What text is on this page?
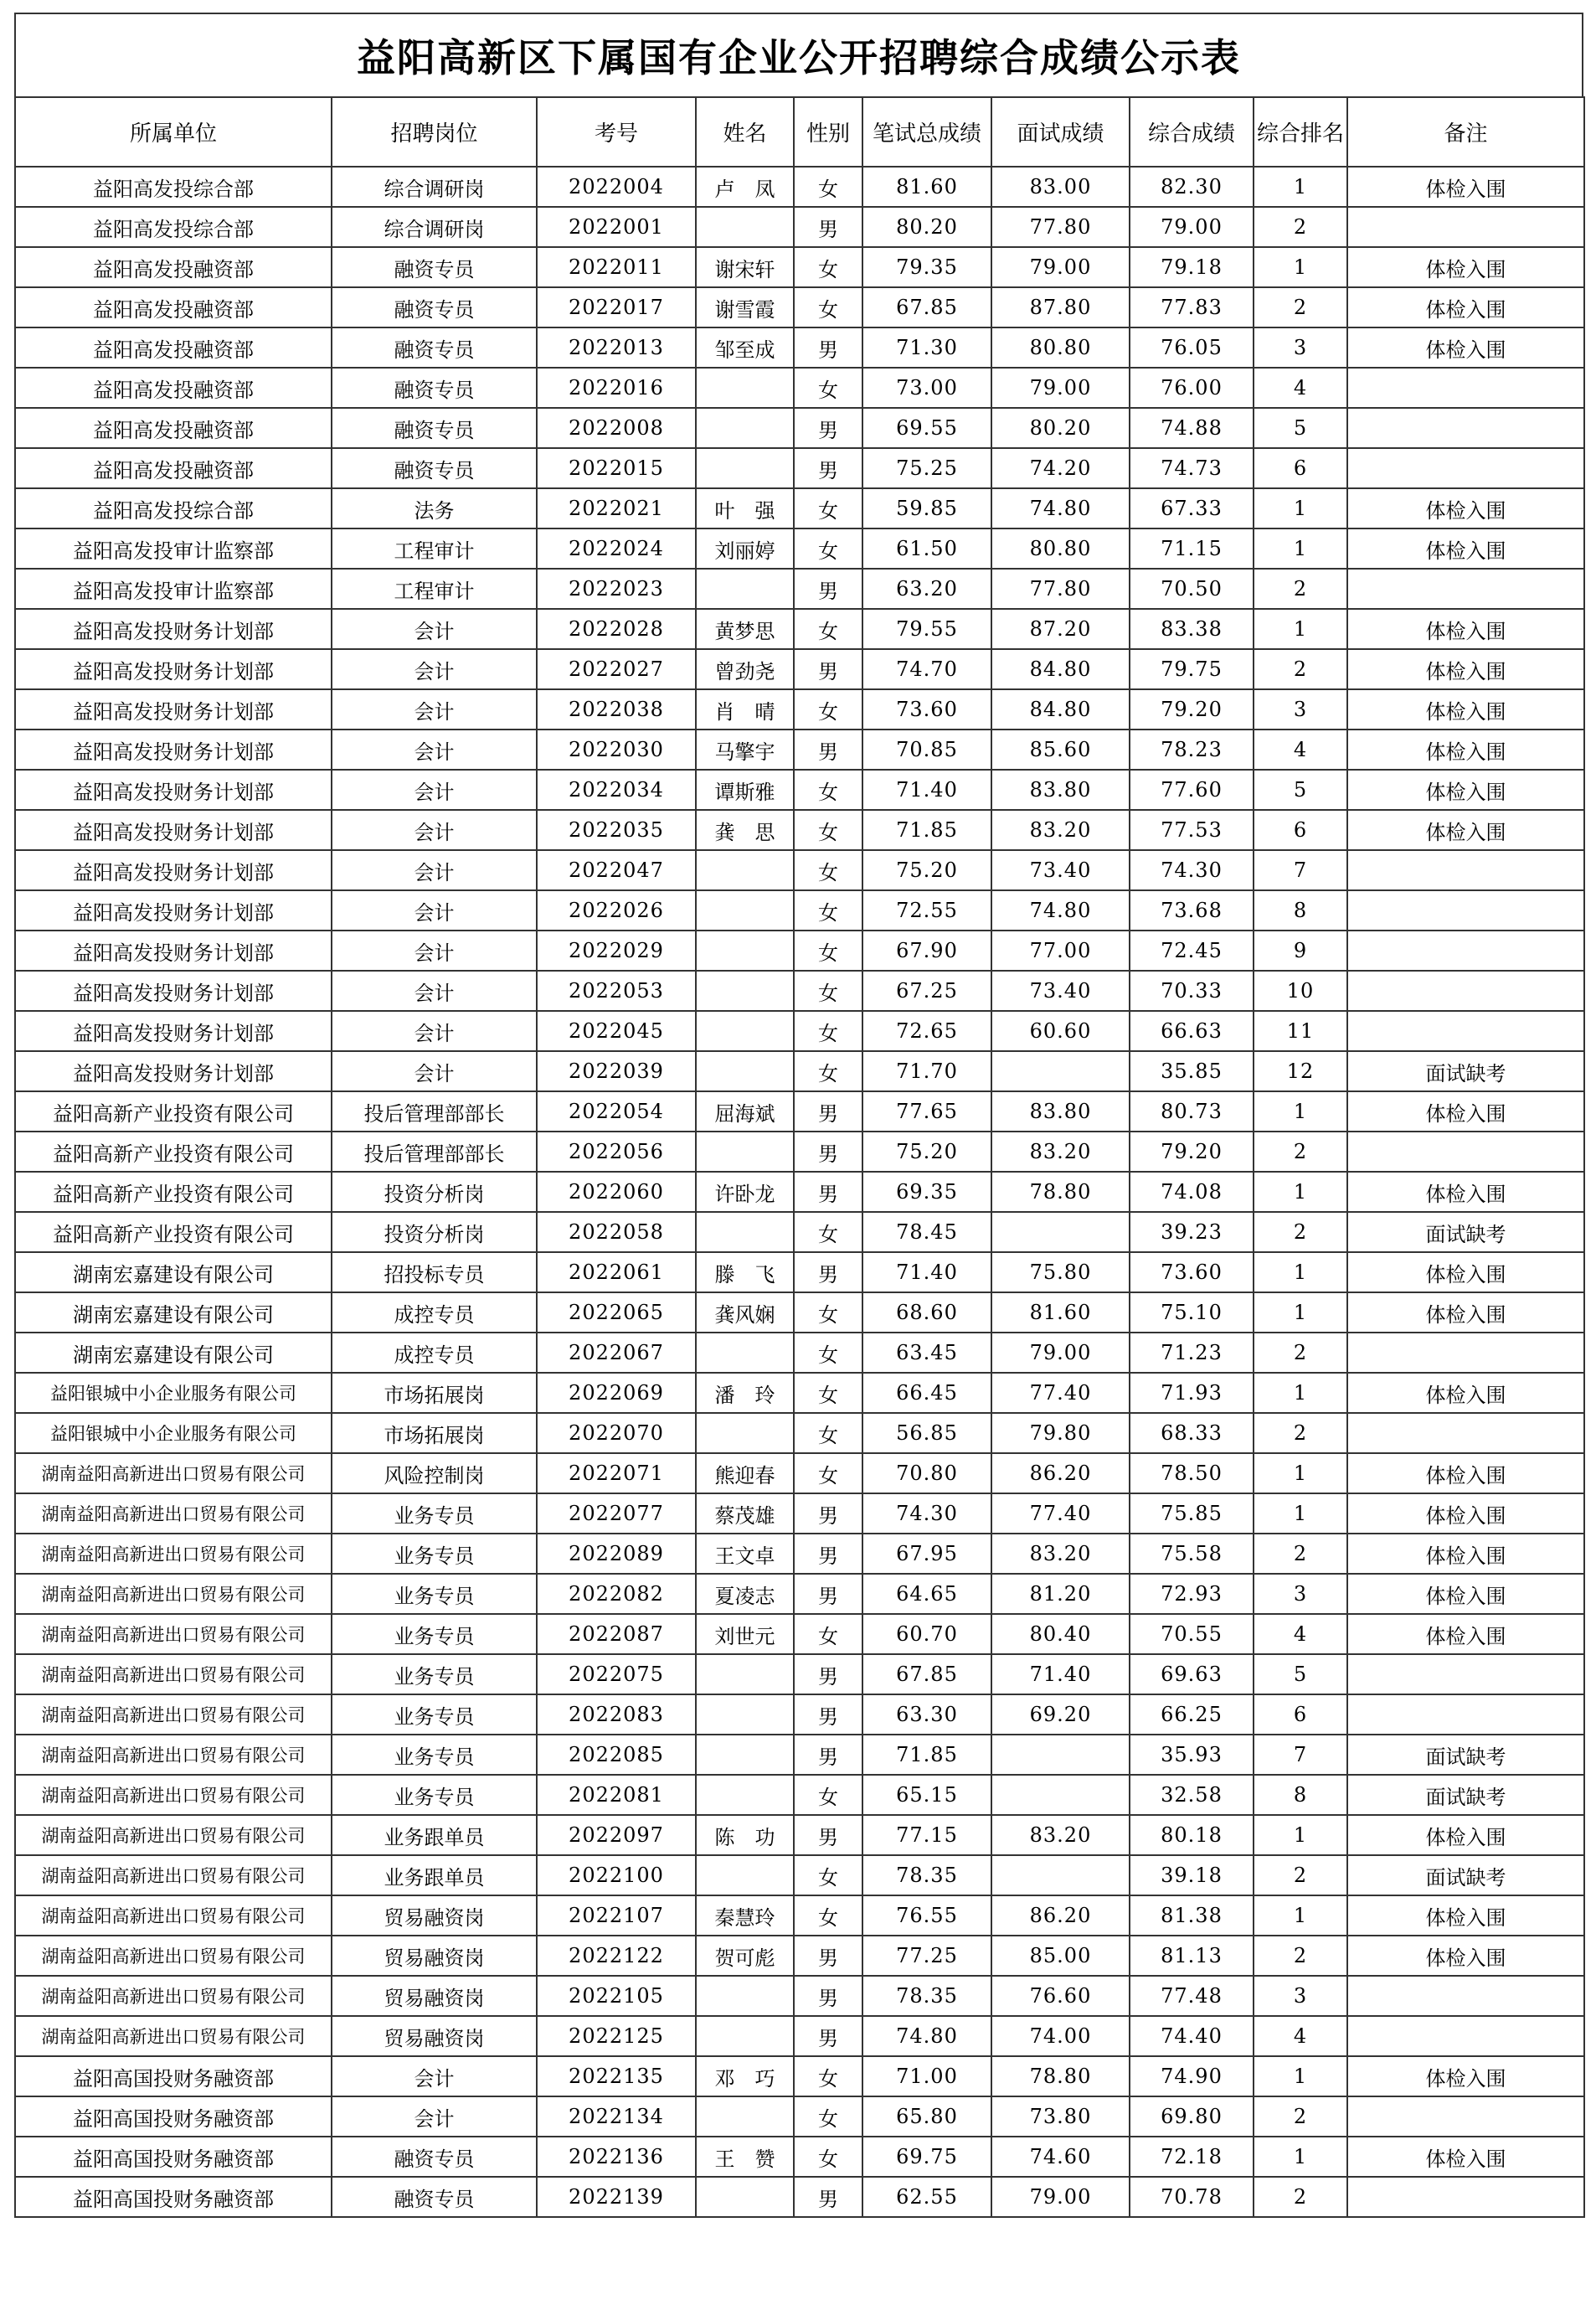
益阳高新区下属国有企业公开招聘综合成绩公示表
所属单位	招聘岗位	考号	姓名	性别	笔试总成绩	面试成绩	综合成绩	综合排名	备注
益阳高发投综合部	综合调研岗	2022004	卢　凤	女	81.60	83.00	82.30	1	体检入围
益阳高发投综合部	综合调研岗	2022001		男	80.20	77.80	79.00	2	
益阳高发投融资部	融资专员	2022011	谢宋轩	女	79.35	79.00	79.18	1	体检入围
益阳高发投融资部	融资专员	2022017	谢雪霞	女	67.85	87.80	77.83	2	体检入围
益阳高发投融资部	融资专员	2022013	邹至成	男	71.30	80.80	76.05	3	体检入围
益阳高发投融资部	融资专员	2022016		女	73.00	79.00	76.00	4	
益阳高发投融资部	融资专员	2022008		男	69.55	80.20	74.88	5	
益阳高发投融资部	融资专员	2022015		男	75.25	74.20	74.73	6	
益阳高发投综合部	法务	2022021	叶　强	女	59.85	74.80	67.33	1	体检入围
益阳高发投审计监察部	工程审计	2022024	刘丽婷	女	61.50	80.80	71.15	1	体检入围
益阳高发投审计监察部	工程审计	2022023		男	63.20	77.80	70.50	2	
益阳高发投财务计划部	会计	2022028	黄梦思	女	79.55	87.20	83.38	1	体检入围
益阳高发投财务计划部	会计	2022027	曾劲尧	男	74.70	84.80	79.75	2	体检入围
益阳高发投财务计划部	会计	2022038	肖　晴	女	73.60	84.80	79.20	3	体检入围
益阳高发投财务计划部	会计	2022030	马擎宇	男	70.85	85.60	78.23	4	体检入围
益阳高发投财务计划部	会计	2022034	谭斯雅	女	71.40	83.80	77.60	5	体检入围
益阳高发投财务计划部	会计	2022035	龚　思	女	71.85	83.20	77.53	6	体检入围
益阳高发投财务计划部	会计	2022047		女	75.20	73.40	74.30	7	
益阳高发投财务计划部	会计	2022026		女	72.55	74.80	73.68	8	
益阳高发投财务计划部	会计	2022029		女	67.90	77.00	72.45	9	
益阳高发投财务计划部	会计	2022053		女	67.25	73.40	70.33	10	
益阳高发投财务计划部	会计	2022045		女	72.65	60.60	66.63	11	
益阳高发投财务计划部	会计	2022039		女	71.70		35.85	12	面试缺考
益阳高新产业投资有限公司	投后管理部部长	2022054	屈海斌	男	77.65	83.80	80.73	1	体检入围
益阳高新产业投资有限公司	投后管理部部长	2022056		男	75.20	83.20	79.20	2	
益阳高新产业投资有限公司	投资分析岗	2022060	许卧龙	男	69.35	78.80	74.08	1	体检入围
益阳高新产业投资有限公司	投资分析岗	2022058		女	78.45		39.23	2	面试缺考
湖南宏嘉建设有限公司	招投标专员	2022061	滕　飞	男	71.40	75.80	73.60	1	体检入围
湖南宏嘉建设有限公司	成控专员	2022065	龚风娴	女	68.60	81.60	75.10	1	体检入围
湖南宏嘉建设有限公司	成控专员	2022067		女	63.45	79.00	71.23	2	
益阳银城中小企业服务有限公司	市场拓展岗	2022069	潘　玲	女	66.45	77.40	71.93	1	体检入围
益阳银城中小企业服务有限公司	市场拓展岗	2022070		女	56.85	79.80	68.33	2	
湖南益阳高新进出口贸易有限公司	风险控制岗	2022071	熊迎春	女	70.80	86.20	78.50	1	体检入围
湖南益阳高新进出口贸易有限公司	业务专员	2022077	蔡茂雄	男	74.30	77.40	75.85	1	体检入围
湖南益阳高新进出口贸易有限公司	业务专员	2022089	王文卓	男	67.95	83.20	75.58	2	体检入围
湖南益阳高新进出口贸易有限公司	业务专员	2022082	夏凌志	男	64.65	81.20	72.93	3	体检入围
湖南益阳高新进出口贸易有限公司	业务专员	2022087	刘世元	女	60.70	80.40	70.55	4	体检入围
湖南益阳高新进出口贸易有限公司	业务专员	2022075		男	67.85	71.40	69.63	5	
湖南益阳高新进出口贸易有限公司	业务专员	2022083		男	63.30	69.20	66.25	6	
湖南益阳高新进出口贸易有限公司	业务专员	2022085		男	71.85		35.93	7	面试缺考
湖南益阳高新进出口贸易有限公司	业务专员	2022081		女	65.15		32.58	8	面试缺考
湖南益阳高新进出口贸易有限公司	业务跟单员	2022097	陈　功	男	77.15	83.20	80.18	1	体检入围
湖南益阳高新进出口贸易有限公司	业务跟单员	2022100		女	78.35		39.18	2	面试缺考
湖南益阳高新进出口贸易有限公司	贸易融资岗	2022107	秦慧玲	女	76.55	86.20	81.38	1	体检入围
湖南益阳高新进出口贸易有限公司	贸易融资岗	2022122	贺可彪	男	77.25	85.00	81.13	2	体检入围
湖南益阳高新进出口贸易有限公司	贸易融资岗	2022105		男	78.35	76.60	77.48	3	
湖南益阳高新进出口贸易有限公司	贸易融资岗	2022125		男	74.80	74.00	74.40	4	
益阳高国投财务融资部	会计	2022135	邓　巧	女	71.00	78.80	74.90	1	体检入围
益阳高国投财务融资部	会计	2022134		女	65.80	73.80	69.80	2	
益阳高国投财务融资部	融资专员	2022136	王　赞	女	69.75	74.60	72.18	1	体检入围
益阳高国投财务融资部	融资专员	2022139		男	62.55	79.00	70.78	2	
